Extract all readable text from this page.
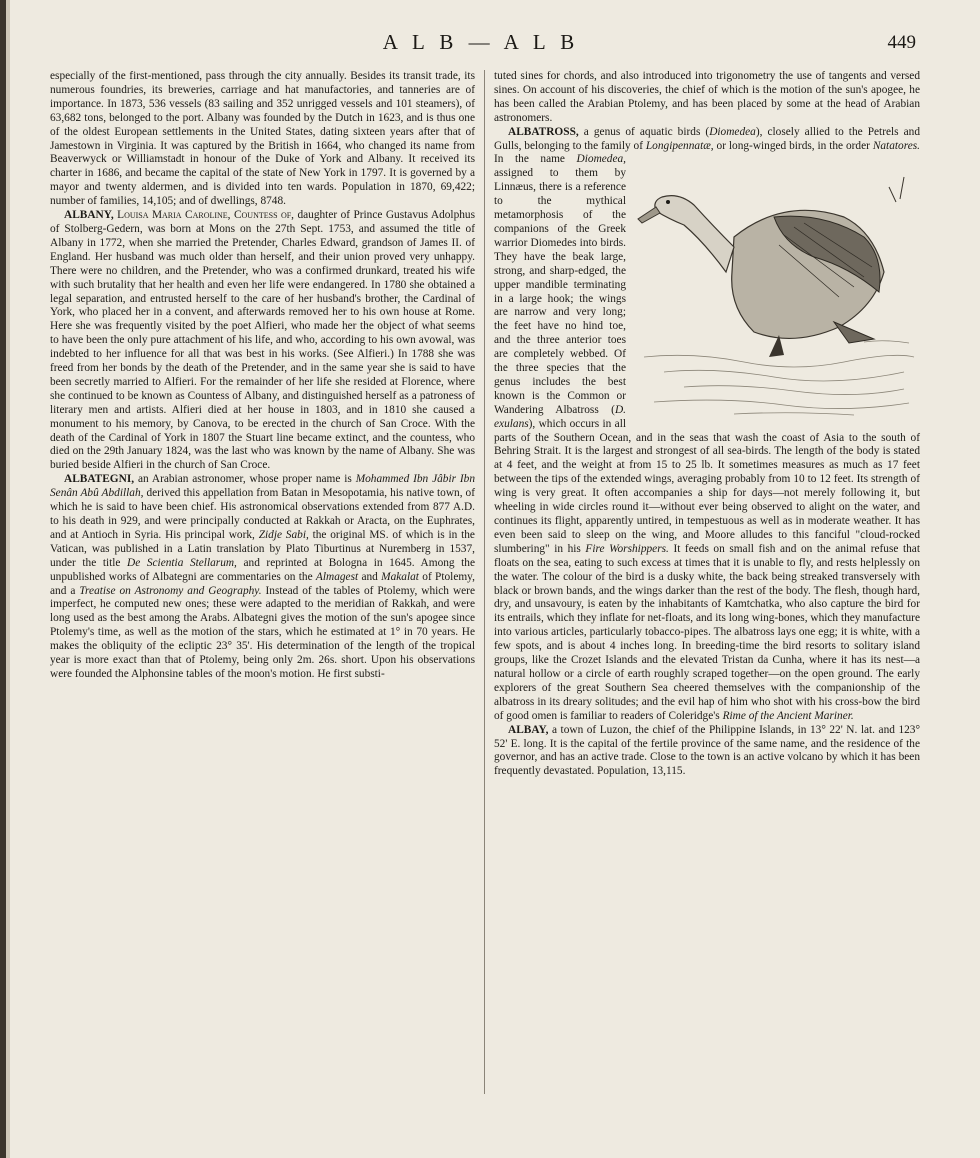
A L B — A L B	449

especially of the first-mentioned, pass through the city annually. Besides its transit trade, its numerous foundries, its breweries, carriage and hat manufactories, and tanneries are of importance. In 1873, 536 vessels (83 sailing and 352 unrigged vessels and 101 steamers), of 63,682 tons, belonged to the port. Albany was founded by the Dutch in 1623, and is thus one of the oldest European settlements in the United States, dating sixteen years after that of Jamestown in Virginia. It was captured by the British in 1664, who changed its name from Beaverwyck or Williamstadt in honour of the Duke of York and Albany. It received its charter in 1686, and became the capital of the state of New York in 1797. It is governed by a mayor and twenty aldermen, and is divided into ten wards. Population in 1870, 69,422; number of families, 14,105; and of dwellings, 8748.

ALBANY, Louisa Maria Caroline, Countess of, daughter of Prince Gustavus Adolphus of Stolberg-Gedern, was born at Mons on the 27th Sept. 1753, and assumed the title of Albany in 1772, when she married the Pretender, Charles Edward, grandson of James II. of England. Her husband was much older than herself, and their union proved very unhappy. There were no children, and the Pretender, who was a confirmed drunkard, treated his wife with such brutality that her health and even her life were endangered. In 1780 she obtained a legal separation, and entrusted herself to the care of her husband's brother, the Cardinal of York, who placed her in a convent, and afterwards removed her to his own house at Rome. Here she was frequently visited by the poet Alfieri, who made her the object of what seems to have been the only pure attachment of his life, and who, according to his own avowal, was indebted to her influence for all that was best in his works. (See Alfieri.) In 1788 she was freed from her bonds by the death of the Pretender, and in the same year she is said to have been secretly married to Alfieri. For the remainder of her life she resided at Florence, where she continued to be known as Countess of Albany, and distinguished herself as a patroness of literary men and artists. Alfieri died at her house in 1803, and in 1810 she caused a monument to his memory, by Canova, to be erected in the church of San Croce. With the death of the Cardinal of York in 1807 the Stuart line became extinct, and the countess, who died on the 29th January 1824, was the last who was known by the name of Albany. She was buried beside Alfieri in the church of San Croce.

ALBATEGNI, an Arabian astronomer, whose proper name is Mohammed Ibn Jâbir Ibn Senân Abû Abdillah, derived this appellation from Batan in Mesopotamia, his native town, of which he is said to have been chief. His astronomical observations extended from 877 A.D. to his death in 929, and were principally conducted at Rakkah or Aracta, on the Euphrates, and at Antioch in Syria. His principal work, Zidje Sabi, the original MS. of which is in the Vatican, was published in a Latin translation by Plato Tiburtinus at Nuremberg in 1537, under the title De Scientia Stellarum, and reprinted at Bologna in 1645. Among the unpublished works of Albategni are commentaries on the Almagest and Makalat of Ptolemy, and a Treatise on Astronomy and Geography. Instead of the tables of Ptolemy, which were imperfect, he computed new ones; these were adapted to the meridian of Rakkah, and were long used as the best among the Arabs. Albategni gives the motion of the sun's apogee since Ptolemy's time, as well as the motion of the stars, which he estimated at 1° in 70 years. He makes the obliquity of the ecliptic 23° 35'. His determination of the length of the tropical year is more exact than that of Ptolemy, being only 2m. 26s. short. Upon his observations were founded the Alphonsine tables of the moon's motion. He first substi-

tuted sines for chords, and also introduced into trigonometry the use of tangents and versed sines. On account of his discoveries, the chief of which is the motion of the sun's apogee, he has been called the Arabian Ptolemy, and has been placed by some at the head of Arabian astronomers.

ALBATROSS, a genus of aquatic birds (Diomedea), closely allied to the Petrels and Gulls, belonging to the family of Longipennatæ, or long-winged birds, in the order Natatores. In the name Diomedea,
assigned to them by Linnæus, there is a reference to the mythical metamorphosis of the companions of the Greek warrior Diomedes into birds. They have the beak large, strong, and sharp-edged, the upper mandible terminating in a large hook; the wings are narrow and very long; the feet have no hind toe, and the three anterior toes are completely webbed. Of the three species that the genus includes the best known is the Common or Wandering Albatross (D. exulans), which occurs in all parts of the Southern Ocean, and in the seas that wash the coast of Asia to the south of Behring Strait. It is the largest and strongest of all sea-birds. The length of the body is stated at 4 feet, and the weight at from 15 to 25 lb. It sometimes measures as much as 17 feet between the tips of the extended wings, averaging probably from 10 to 12 feet. Its strength of wing is very great. It often accompanies a ship for days—not merely following it, but wheeling in wide circles round it—without ever being observed to alight on the water, and continues its flight, apparently untired, in tempestuous as well as in moderate weather. It has even been said to sleep on the wing, and Moore alludes to this fanciful "cloud-rocked slumbering" in his Fire Worshippers. It feeds on small fish and on the animal refuse that floats on the sea, eating to such excess at times that it is unable to fly, and rests helplessly on the water. The colour of the bird is a dusky white, the back being streaked transversely with black or brown bands, and the wings darker than the rest of the body. The flesh, though hard, dry, and unsavoury, is eaten by the inhabitants of Kamtchatka, who also capture the bird for its entrails, which they inflate for net-floats, and its long wing-bones, which they manufacture into various articles, particularly tobacco-pipes. The albatross lays one egg; it is white, with a few spots, and is about 4 inches long. In breeding-time the bird resorts to solitary island groups, like the Crozet Islands and the elevated Tristan da Cunha, where it has its nest—a natural hollow or a circle of earth roughly scraped together—on the open ground. The early explorers of the great Southern Sea cheered themselves with the companionship of the albatross in its dreary solitudes; and the evil hap of him who shot with his cross-bow the bird of good omen is familiar to readers of Coleridge's Rime of the Ancient Mariner.

ALBAY, a town of Luzon, the chief of the Philippine Islands, in 13° 22' N. lat. and 123° 52' E. long. It is the capital of the fertile province of the same name, and the residence of the governor, and has an active trade. Close to the town is an active volcano by which it has been frequently devastated. Population, 13,115.
